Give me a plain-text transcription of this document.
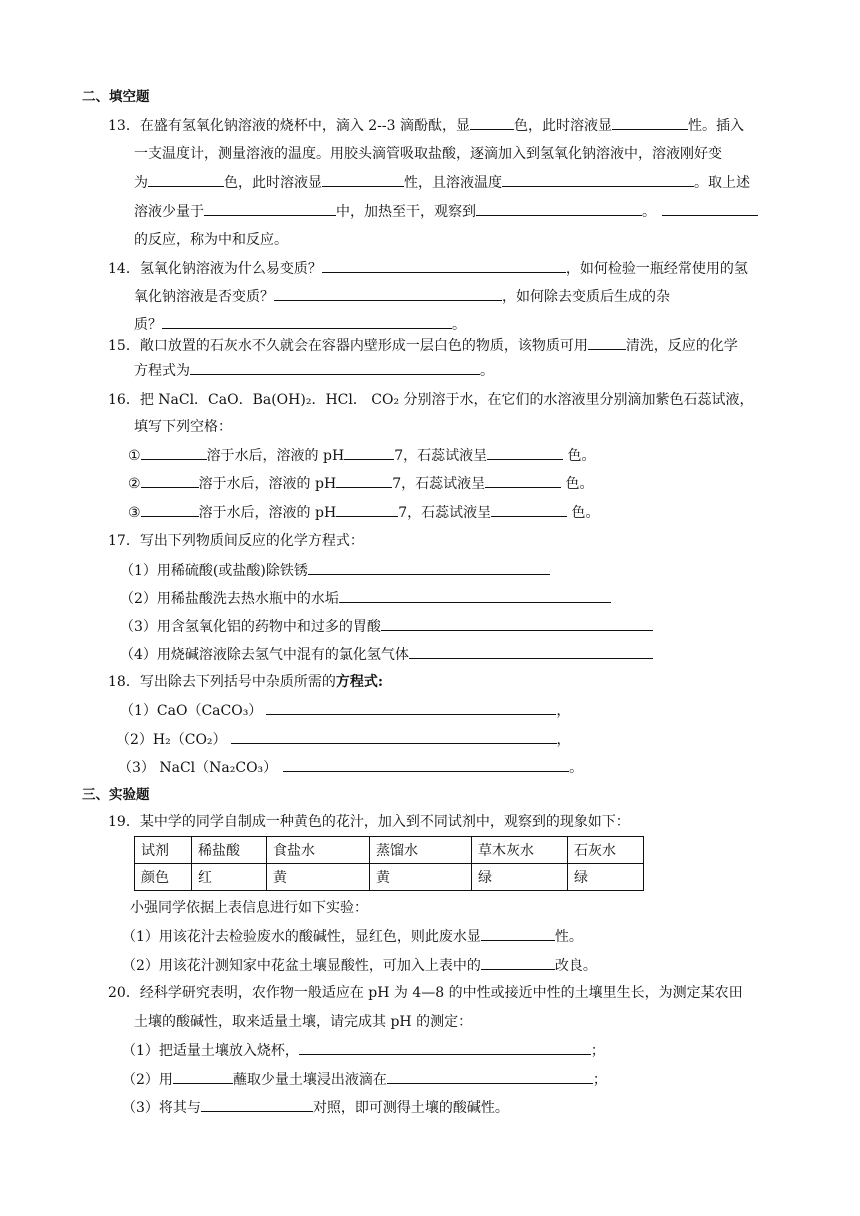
二、填空题
13．在盛有氢氧化钠溶液的烧杯中，滴入 2--3 滴酚酞，显	色，此时溶液显	性。插入
一支温度计，测量溶液的温度。用胶头滴管吸取盐酸，逐滴加入到氢氧化钠溶液中，溶液刚好变
为	色，此时溶液显	性，且溶液温度	。取上述
溶液少量于	中，加热至干，观察到	。
的反应，称为中和反应。
14．氢氧化钠溶液为什么易变质？	，如何检验一瓶经常使用的氢
氧化钠溶液是否变质？	，如何除去变质后生成的杂
质？	。
15．敞口放置的石灰水不久就会在容器内壁形成一层白色的物质，该物质可用	清洗，反应的化学
方程式为	。
16．把 NaCl．CaO．Ba(OH)₂．HCl． CO₂ 分别溶于水，在它们的水溶液里分别滴加紫色石蕊试液，
填写下列空格：
①	溶于水后，溶液的 pH	7，石蕊试液呈	色。
②	溶于水后，溶液的 pH	7，石蕊试液呈	色。
③	溶于水后，溶液的 pH	7，石蕊试液呈	色。
17．写出下列物质间反应的化学方程式：
（1）用稀硫酸(或盐酸)除铁锈
（2）用稀盐酸洗去热水瓶中的水垢
（3）用含氢氧化铝的药物中和过多的胃酸
（4）用烧碱溶液除去氢气中混有的氯化氢气体
18．写出除去下列括号中杂质所需的方程式:
（1）CaO（CaCO₃）	，
（2）H₂（CO₂）	，
（3） NaCl（Na₂CO₃）	。
三、实验题
19．某中学的同学自制成一种黄色的花汁，加入到不同试剂中，观察到的现象如下：
试剂	稀盐酸	食盐水	蒸馏水	草木灰水	石灰水
颜色	红	黄	黄	绿	绿
小强同学依据上表信息进行如下实验：
（1）用该花汁去检验废水的酸碱性，显红色，则此废水显	性。
（2）用该花汁测知家中花盆土壤显酸性，可加入上表中的	改良。
20．经科学研究表明，农作物一般适应在 pH 为 4—8 的中性或接近中性的土壤里生长，为测定某农田
土壤的酸碱性，取来适量土壤，请完成其 pH 的测定：
（1）把适量土壤放入烧杯，	；
（2）用	蘸取少量土壤浸出液滴在	；
（3）将其与	对照，即可测得土壤的酸碱性。
